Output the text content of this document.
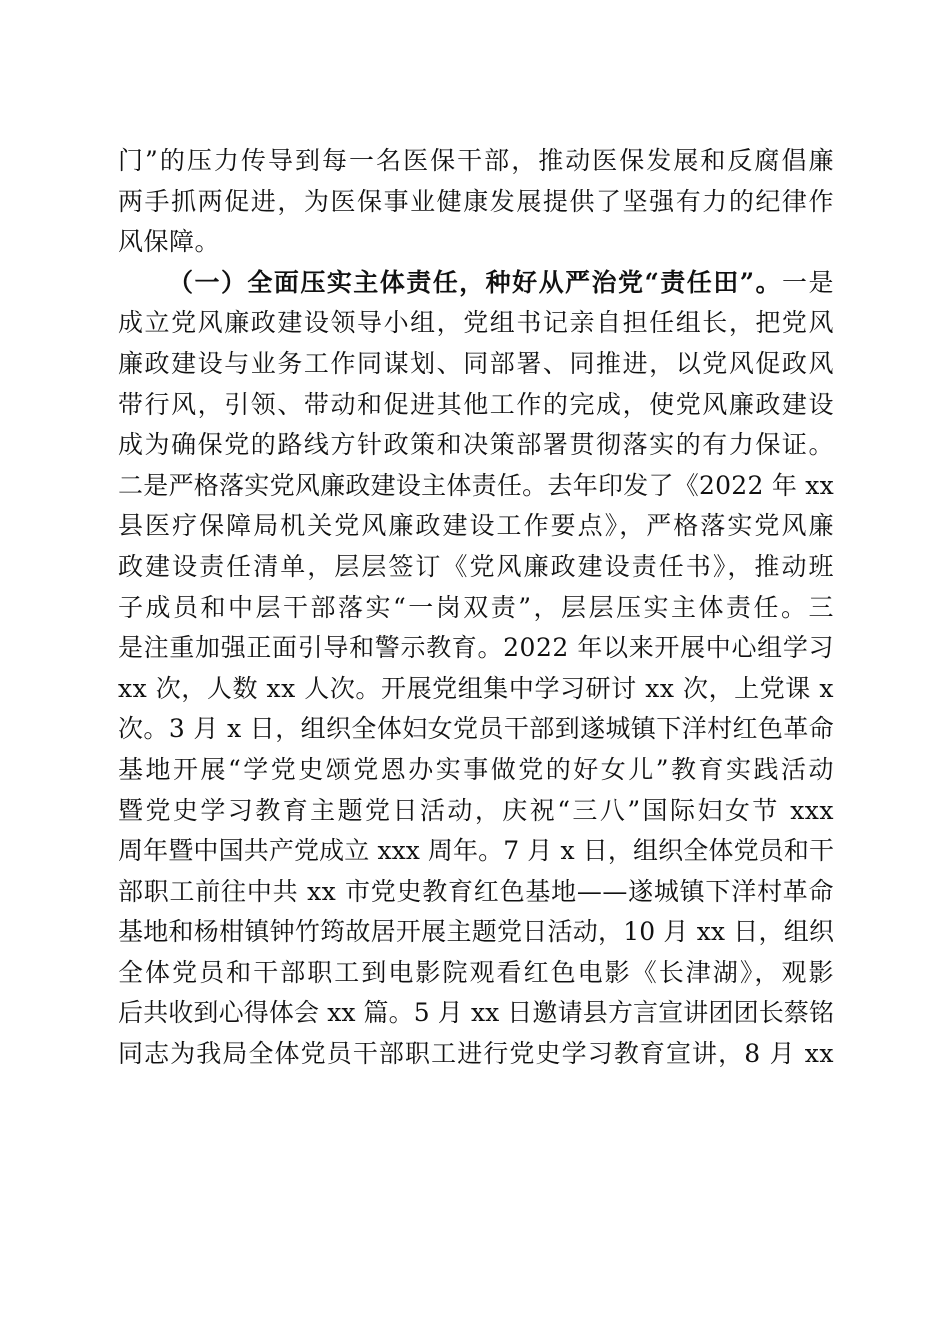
门”的压力传导到每一名医保干部，推动医保发展和反腐倡廉
两手抓两促进，为医保事业健康发展提供了坚强有力的纪律作
风保障。
（一）全面压实主体责任，种好从严治党“责任田”。一是
成立党风廉政建设领导小组，党组书记亲自担任组长，把党风
廉政建设与业务工作同谋划、同部署、同推进，以党风促政风
带行风，引领、带动和促进其他工作的完成，使党风廉政建设
成为确保党的路线方针政策和决策部署贯彻落实的有力保证。
二是严格落实党风廉政建设主体责任。去年印发了《2022 年 xx
县医疗保障局机关党风廉政建设工作要点》，严格落实党风廉
政建设责任清单，层层签订《党风廉政建设责任书》，推动班
子成员和中层干部落实“一岗双责”，层层压实主体责任。三
是注重加强正面引导和警示教育。2022 年以来开展中心组学习
xx 次，人数 xx 人次。开展党组集中学习研讨 xx 次，上党课 x
次。3 月 x 日，组织全体妇女党员干部到遂城镇下洋村红色革命
基地开展“学党史颂党恩办实事做党的好女儿”教育实践活动
暨党史学习教育主题党日活动，庆祝“三八”国际妇女节 xxx
周年暨中国共产党成立 xxx 周年。7 月 x 日，组织全体党员和干
部职工前往中共 xx 市党史教育红色基地——遂城镇下洋村革命
基地和杨柑镇钟竹筠故居开展主题党日活动，10 月 xx 日，组织
全体党员和干部职工到电影院观看红色电影《长津湖》，观影
后共收到心得体会 xx 篇。5 月 xx 日邀请县方言宣讲团团长蔡铭
同志为我局全体党员干部职工进行党史学习教育宣讲，8 月 xx
